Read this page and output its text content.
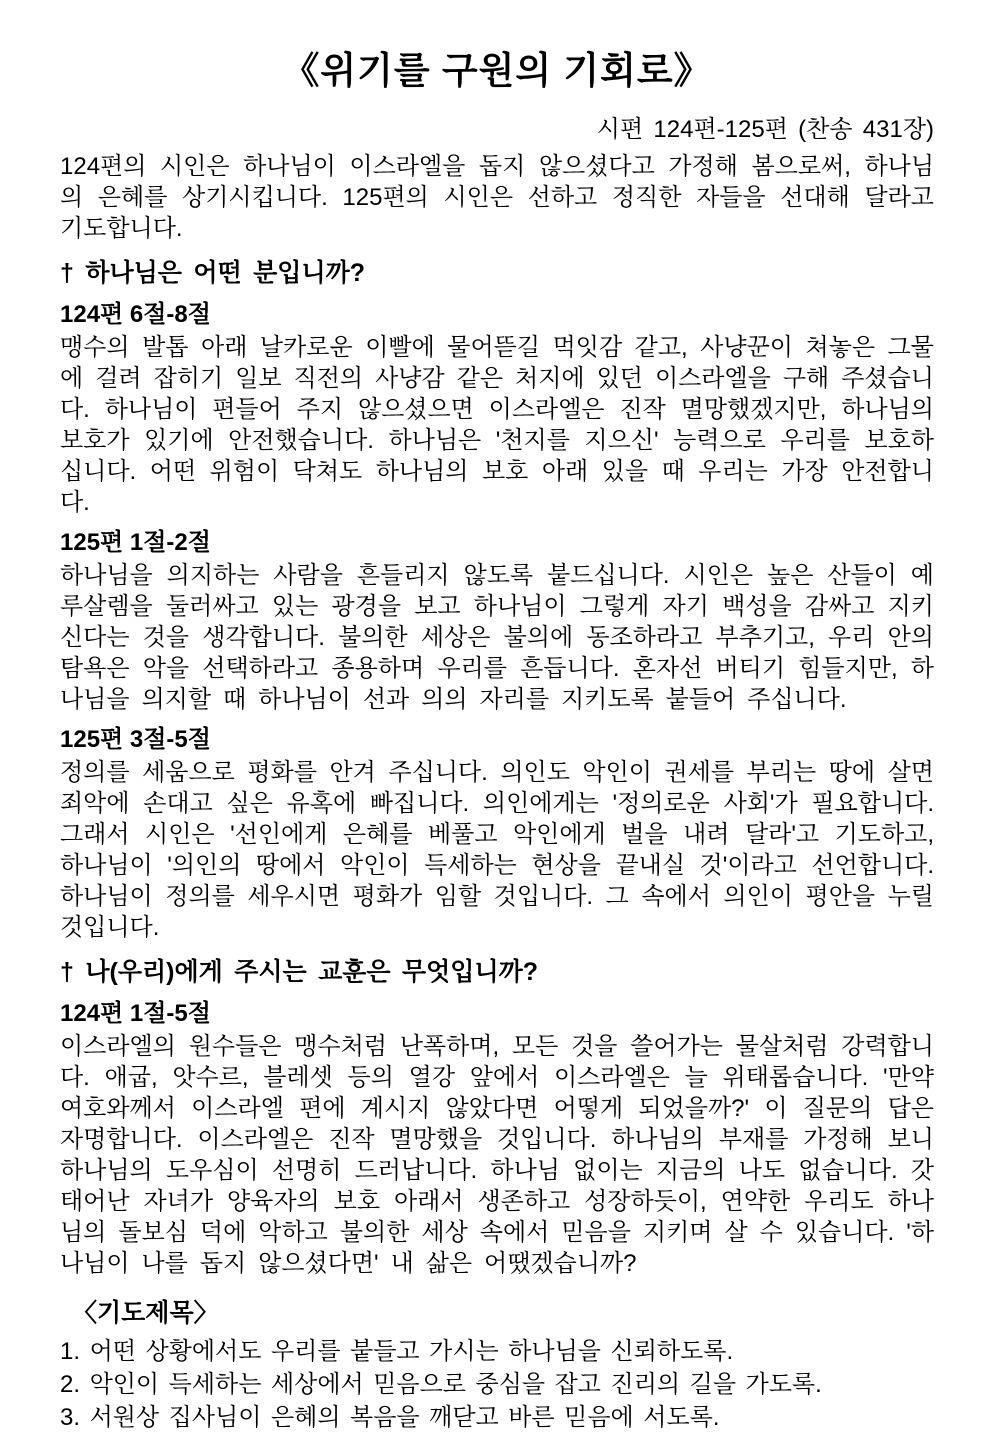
《위기를 구원의 기회로》
시편 124편-125편 (찬송 431장)

124편의 시인은 하나님이 이스라엘을 돕지 않으셨다고 가정해 봄으로써, 하나님의 은혜를 상기시킵니다. 125편의 시인은 선하고 정직한 자들을 선대해 달라고 기도합니다.

† 하나님은 어떤 분입니까?
124편 6절-8절

맹수의 발톱 아래 날카로운 이빨에 물어뜯길 먹잇감 같고, 사냥꾼이 쳐놓은 그물에 걸려 잡히기 일보 직전의 사냥감 같은 처지에 있던 이스라엘을 구해 주셨습니다. 하나님이 편들어 주지 않으셨으면 이스라엘은 진작 멸망했겠지만, 하나님의 보호가 있기에 안전했습니다. 하나님은 '천지를 지으신' 능력으로 우리를 보호하십니다. 어떤 위험이 닥쳐도 하나님의 보호 아래 있을 때 우리는 가장 안전합니다.

125편 1절-2절

하나님을 의지하는 사람을 흔들리지 않도록 붙드십니다. 시인은 높은 산들이 예루살렘을 둘러싸고 있는 광경을 보고 하나님이 그렇게 자기 백성을 감싸고 지키신다는 것을 생각합니다. 불의한 세상은 불의에 동조하라고 부추기고, 우리 안의 탐욕은 악을 선택하라고 종용하며 우리를 흔듭니다. 혼자선 버티기 힘들지만, 하나님을 의지할 때 하나님이 선과 의의 자리를 지키도록 붙들어 주십니다.

125편 3절-5절

정의를 세움으로 평화를 안겨 주십니다. 의인도 악인이 권세를 부리는 땅에 살면 죄악에 손대고 싶은 유혹에 빠집니다. 의인에게는 '정의로운 사회'가 필요합니다. 그래서 시인은 '선인에게 은혜를 베풀고 악인에게 벌을 내려 달라'고 기도하고, 하나님이 '의인의 땅에서 악인이 득세하는 현상을 끝내실 것'이라고 선언합니다. 하나님이 정의를 세우시면 평화가 임할 것입니다. 그 속에서 의인이 평안을 누릴 것입니다.

† 나(우리)에게 주시는 교훈은 무엇입니까?
124편 1절-5절

이스라엘의 원수들은 맹수처럼 난폭하며, 모든 것을 쓸어가는 물살처럼 강력합니다. 애굽, 앗수르, 블레셋 등의 열강 앞에서 이스라엘은 늘 위태롭습니다. '만약 여호와께서 이스라엘 편에 계시지 않았다면 어떻게 되었을까?' 이 질문의 답은 자명합니다. 이스라엘은 진작 멸망했을 것입니다. 하나님의 부재를 가정해 보니 하나님의 도우심이 선명히 드러납니다. 하나님 없이는 지금의 나도 없습니다. 갓 태어난 자녀가 양육자의 보호 아래서 생존하고 성장하듯이, 연약한 우리도 하나님의 돌보심 덕에 악하고 불의한 세상 속에서 믿음을 지키며 살 수 있습니다. '하나님이 나를 돕지 않으셨다면' 내 삶은 어땠겠습니까?

〈기도제목〉

1. 어떤 상황에서도 우리를 붙들고 가시는 하나님을 신뢰하도록.

2. 악인이 득세하는 세상에서 믿음으로 중심을 잡고 진리의 길을 가도록.

3. 서원상 집사님이 은혜의 복음을 깨닫고 바른 믿음에 서도록.
